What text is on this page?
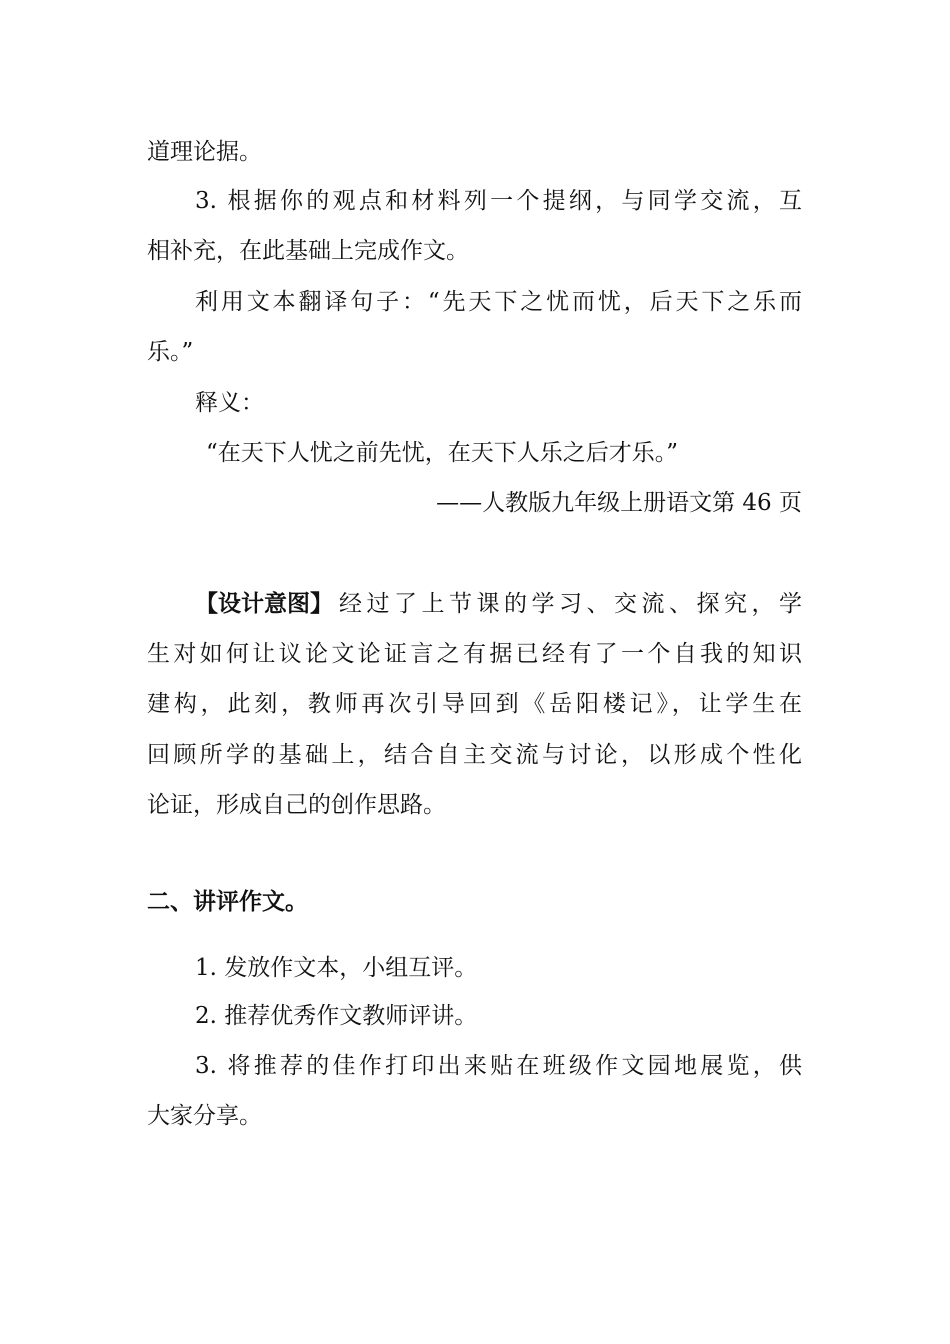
道理论据。

3. 根据你的观点和材料列一个提纲，与同学交流，互

相补充，在此基础上完成作文。

利用文本翻译句子：“先天下之忧而忧，后天下之乐而

乐。”

释义：

“在天下人忧之前先忧，在天下人乐之后才乐。”

——人教版九年级上册语文第 46 页

【设计意图】 经过了上节课的学习、交流、探究，学

生对如何让议论文论证言之有据已经有了一个自我的知识

建构，此刻，教师再次引导回到《岳阳楼记》，让学生在

回顾所学的基础上，结合自主交流与讨论，以形成个性化

论证，形成自己的创作思路。

二、讲评作文。

1. 发放作文本，小组互评。

2. 推荐优秀作文教师评讲。

3. 将推荐的佳作打印出来贴在班级作文园地展览，供

大家分享。
